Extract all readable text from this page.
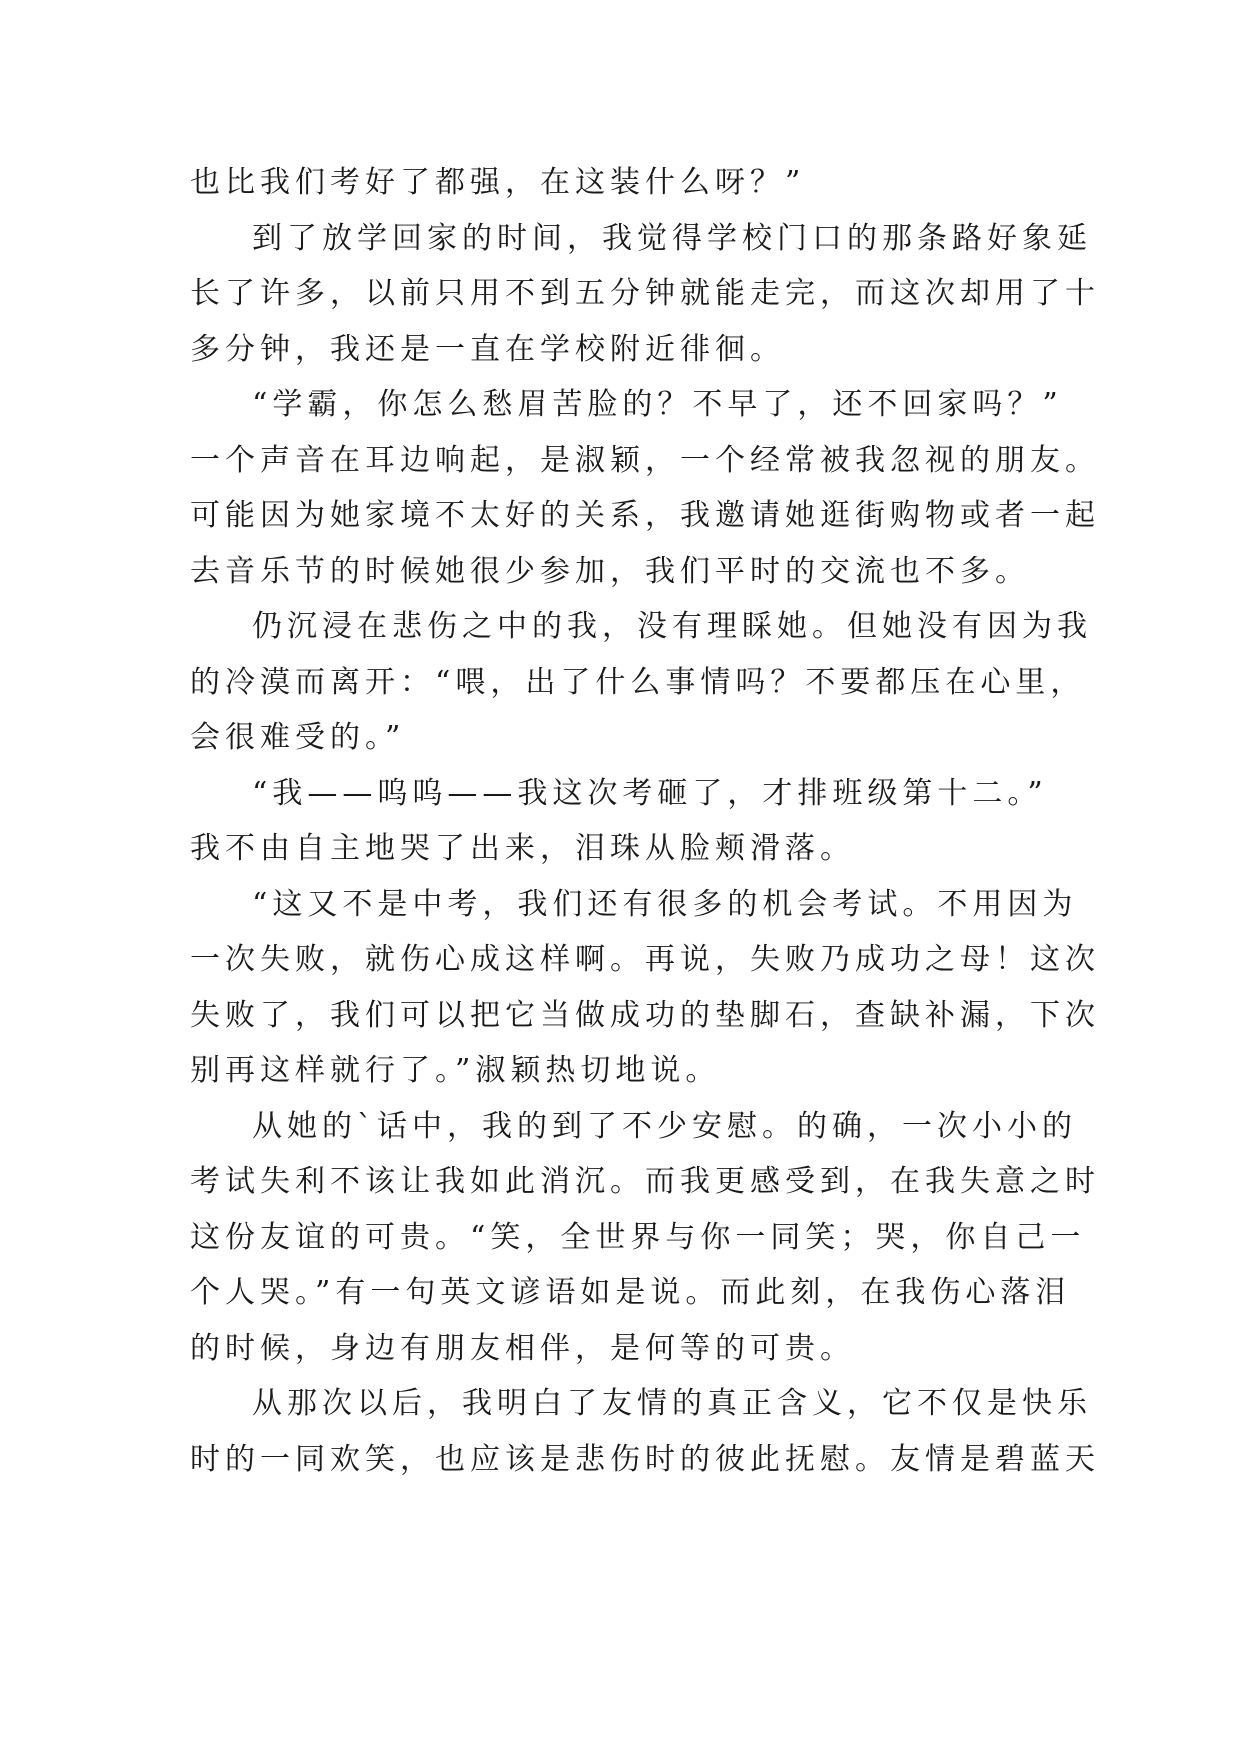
也比我们考好了都强，在这装什么呀？”
到了放学回家的时间，我觉得学校门口的那条路好象延
长了许多，以前只用不到五分钟就能走完，而这次却用了十
多分钟，我还是一直在学校附近徘徊。
“学霸，你怎么愁眉苦脸的？不早了，还不回家吗？”
一个声音在耳边响起，是淑颖，一个经常被我忽视的朋友。
可能因为她家境不太好的关系，我邀请她逛街购物或者一起
去音乐节的时候她很少参加，我们平时的交流也不多。
仍沉浸在悲伤之中的我，没有理睬她。但她没有因为我
的冷漠而离开：“喂，出了什么事情吗？不要都压在心里，
会很难受的。”
“我——呜呜——我这次考砸了，才排班级第十二。”
我不由自主地哭了出来，泪珠从脸颊滑落。
“这又不是中考，我们还有很多的机会考试。不用因为
一次失败，就伤心成这样啊。再说，失败乃成功之母！这次
失败了，我们可以把它当做成功的垫脚石，查缺补漏，下次
别再这样就行了。”淑颖热切地说。
从她的`话中，我的到了不少安慰。的确，一次小小的
考试失利不该让我如此消沉。而我更感受到，在我失意之时
这份友谊的可贵。“笑，全世界与你一同笑；哭，你自己一
个人哭。”有一句英文谚语如是说。而此刻，在我伤心落泪
的时候，身边有朋友相伴，是何等的可贵。
从那次以后，我明白了友情的真正含义，它不仅是快乐
时的一同欢笑，也应该是悲伤时的彼此抚慰。友情是碧蓝天
